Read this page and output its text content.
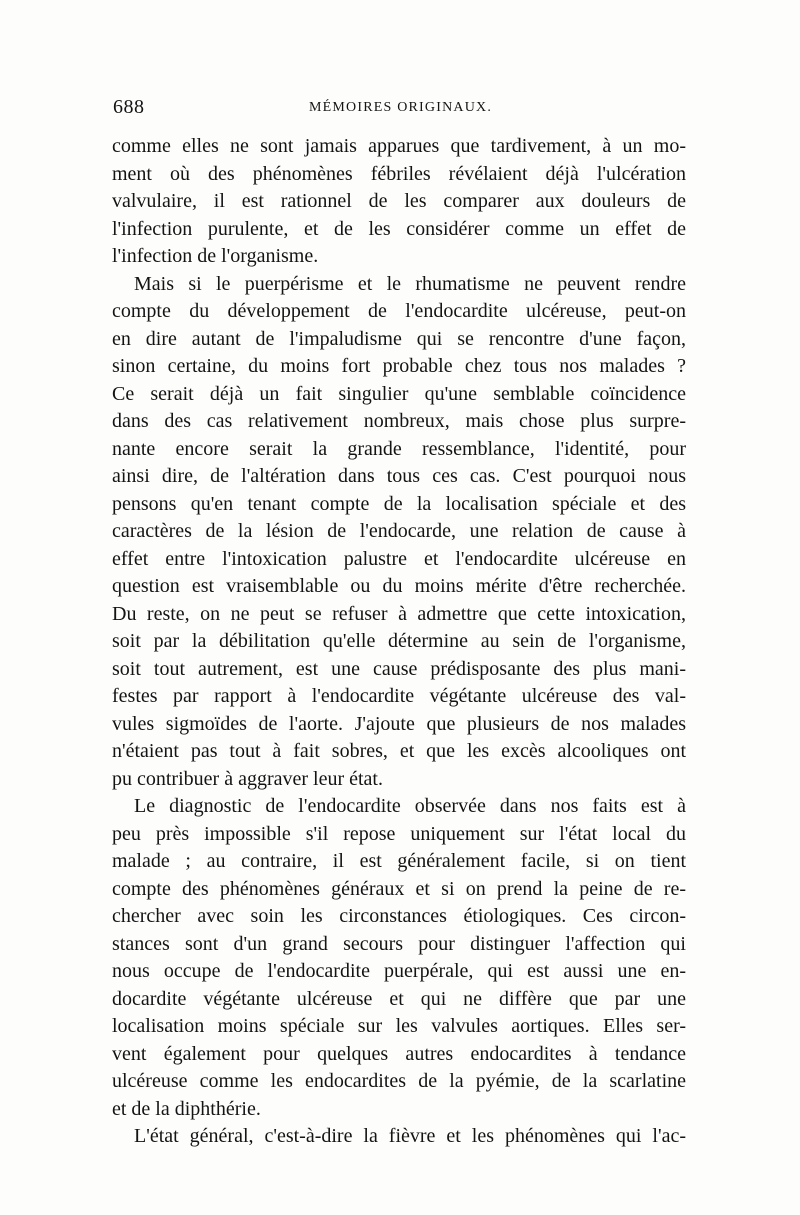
688	MÉMOIRES ORIGINAUX.
comme elles ne sont jamais apparues que tardivement, à un mo-
ment où des phénomènes fébriles révélaient déjà l'ulcération
valvulaire, il est rationnel de les comparer aux douleurs de
l'infection purulente, et de les considérer comme un effet de
l'infection de l'organisme.
Mais si le puerpérisme et le rhumatisme ne peuvent rendre
compte du développement de l'endocardite ulcéreuse, peut-on
en dire autant de l'impaludisme qui se rencontre d'une façon,
sinon certaine, du moins fort probable chez tous nos malades ?
Ce serait déjà un fait singulier qu'une semblable coïncidence
dans des cas relativement nombreux, mais chose plus surpre-
nante encore serait la grande ressemblance, l'identité, pour
ainsi dire, de l'altération dans tous ces cas. C'est pourquoi nous
pensons qu'en tenant compte de la localisation spéciale et des
caractères de la lésion de l'endocarde, une relation de cause à
effet entre l'intoxication palustre et l'endocardite ulcéreuse en
question est vraisemblable ou du moins mérite d'être recherchée.
Du reste, on ne peut se refuser à admettre que cette intoxication,
soit par la débilitation qu'elle détermine au sein de l'organisme,
soit tout autrement, est une cause prédisposante des plus mani-
festes par rapport à l'endocardite végétante ulcéreuse des val-
vules sigmoïdes de l'aorte. J'ajoute que plusieurs de nos malades
n'étaient pas tout à fait sobres, et que les excès alcooliques ont
pu contribuer à aggraver leur état.
Le diagnostic de l'endocardite observée dans nos faits est à
peu près impossible s'il repose uniquement sur l'état local du
malade ; au contraire, il est généralement facile, si on tient
compte des phénomènes généraux et si on prend la peine de re-
chercher avec soin les circonstances étiologiques. Ces circon-
stances sont d'un grand secours pour distinguer l'affection qui
nous occupe de l'endocardite puerpérale, qui est aussi une en-
docardite végétante ulcéreuse et qui ne diffère que par une
localisation moins spéciale sur les valvules aortiques. Elles ser-
vent également pour quelques autres endocardites à tendance
ulcéreuse comme les endocardites de la pyémie, de la scarlatine
et de la diphthérie.
L'état général, c'est-à-dire la fièvre et les phénomènes qui l'ac-
